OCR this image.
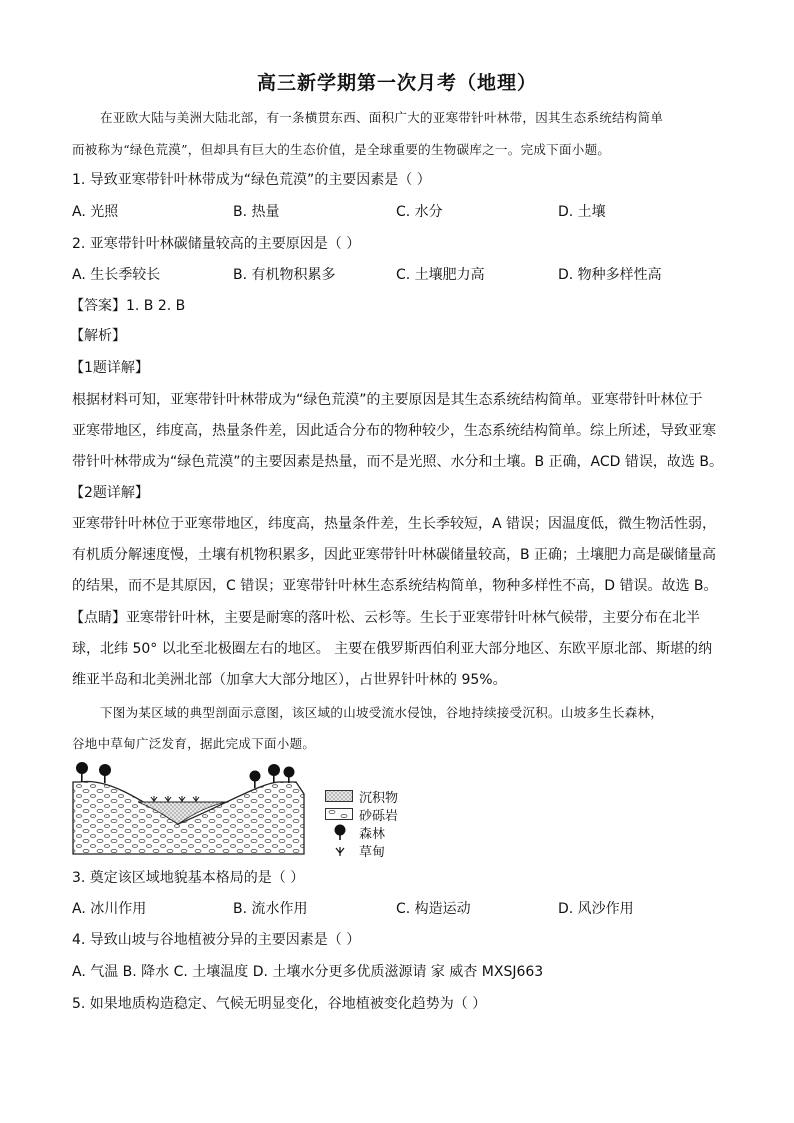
高三新学期第一次月考（地理）
在亚欧大陆与美洲大陆北部，有一条横贯东西、面积广大的亚寒带针叶林带，因其生态系统结构简单
而被称为“绿色荒漠”，但却具有巨大的生态价值，是全球重要的生物碳库之一。完成下面小题。
1. 导致亚寒带针叶林带成为“绿色荒漠”的主要因素是（ ）
A. 光照	B. 热量	C. 水分	D. 土壤
2. 亚寒带针叶林碳储量较高的主要原因是（ ）
A. 生长季较长	B. 有机物积累多	C. 土壤肥力高	D. 物种多样性高
【答案】1. B 2. B
【解析】
【1题详解】
根据材料可知，亚寒带针叶林带成为“绿色荒漠”的主要原因是其生态系统结构简单。亚寒带针叶林位于
亚寒带地区，纬度高，热量条件差，因此适合分布的物种较少，生态系统结构简单。综上所述，导致亚寒
带针叶林带成为“绿色荒漠”的主要因素是热量，而不是光照、水分和土壤。B 正确，ACD 错误，故选 B。
【2题详解】
亚寒带针叶林位于亚寒带地区，纬度高，热量条件差，生长季较短，A 错误；因温度低，微生物活性弱，
有机质分解速度慢，土壤有机物积累多，因此亚寒带针叶林碳储量较高，B 正确；土壤肥力高是碳储量高
的结果，而不是其原因，C 错误；亚寒带针叶林生态系统结构简单，物种多样性不高，D 错误。故选 B。
【点睛】亚寒带针叶林，主要是耐寒的落叶松、云杉等。生长于亚寒带针叶林气候带，主要分布在北半
球，北纬 50° 以北至北极圈左右的地区。 主要在俄罗斯西伯利亚大部分地区、东欧平原北部、斯堪的纳
维亚半岛和北美洲北部（加拿大大部分地区），占世界针叶林的 95%。
下图为某区域的典型剖面示意图，该区域的山坡受流水侵蚀，谷地持续接受沉积。山坡多生长森林，
谷地中草甸广泛发育，据此完成下面小题。
沉积物
砂砾岩
森林
草甸
3. 奠定该区域地貌基本格局的是（ ）
A. 冰川作用	B. 流水作用	C. 构造运动	D. 风沙作用
4. 导致山坡与谷地植被分异的主要因素是（ ）
A. 气温 B. 降水 C. 土壤温度 D. 土壤水分更多优质滋源请 家 威杏 MXSJ663
5. 如果地质构造稳定、气候无明显变化，谷地植被变化趋势为（ ）
